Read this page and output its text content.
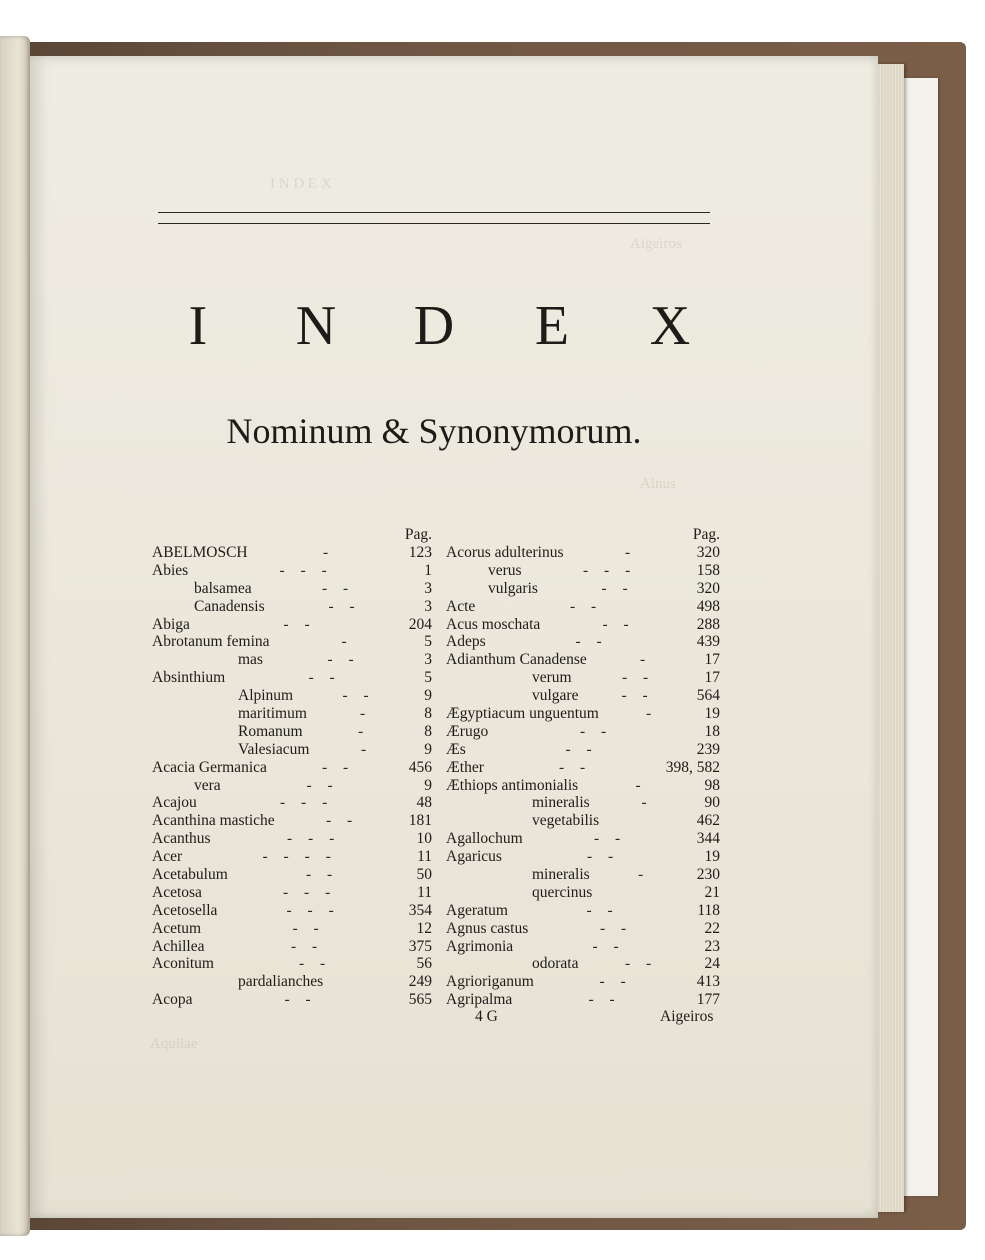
I N D E X
Aigeiros
Alnus
Aquilae
I	N	D	E	X
Nominum & Synonymorum.
Pag.
ABELMOSCH	-	123
Abies	- - -	1
balsamea	- -	3
Canadensis	- -	3
Abiga	- -	204
Abrotanum femina	-	5
mas	- -	3
Absinthium	- -	5
Alpinum	- -	9
maritimum	-	8
Romanum	-	8
Valesiacum	-	9
Acacia Germanica	- -	456
vera	- -	9
Acajou	- - -	48
Acanthina mastiche	- -	181
Acanthus	- - -	10
Acer	- - - -	11
Acetabulum	- -	50
Acetosa	- - -	11
Acetosella	- - -	354
Acetum	- -	12
Achillea	- -	375
Aconitum	- -	56
pardalianches	249
Acopa	- -	565
Pag.
Acorus adulterinus	-	320
verus	- - -	158
vulgaris	- -	320
Acte	- -	498
Acus moschata	- -	288
Adeps	- -	439
Adianthum Canadense	-	17
verum	- -	17
vulgare	- -	564
Ægyptiacum unguentum	-	19
Ærugo	- -	18
Æs	- -	239
Æther	- -	398, 582
Æthiops antimonialis	-	98
mineralis	-	90
vegetabilis	462
Agallochum	- -	344
Agaricus	- -	19
mineralis	-	230
quercinus	21
Ageratum	- -	118
Agnus castus	- -	22
Agrimonia	- -	23
odorata	- -	24
Agrioriganum	- -	413
Agripalma	- -	177
4 G	Aigeiros
